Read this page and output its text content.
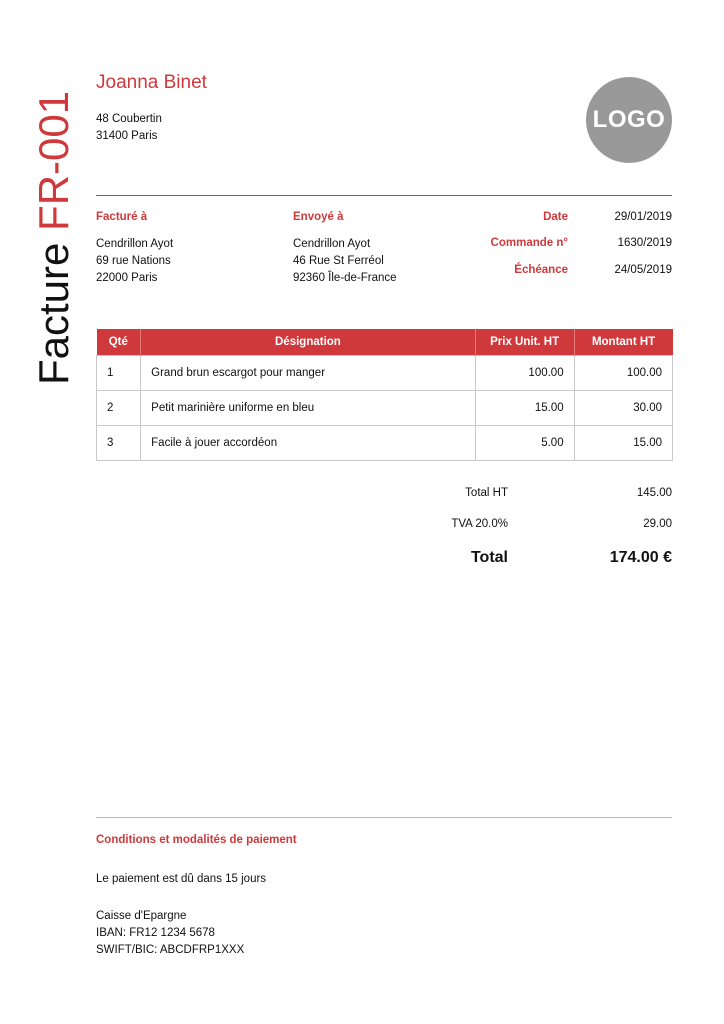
Facture FR-001
Joanna Binet
48 Coubertin
31400 Paris
LOGO
Facturé à
Cendrillon Ayot
69 rue Nations
22000 Paris
Envoyé à
Cendrillon Ayot
46 Rue St Ferréol
92360 Île-de-France
Date	29/01/2019
Commande n°	1630/2019
Échéance	24/05/2019
Qté	Désignation	Prix Unit. HT	Montant HT
1	Grand brun escargot pour manger	100.00	100.00
2	Petit marinière uniforme en bleu	15.00	30.00
3	Facile à jouer accordéon	5.00	15.00
Total HT	145.00
TVA 20.0%	29.00
Total	174.00 €
Conditions et modalités de paiement
Le paiement est dû dans 15 jours
Caisse d'Epargne
IBAN: FR12 1234 5678
SWIFT/BIC: ABCDFRP1XXX
